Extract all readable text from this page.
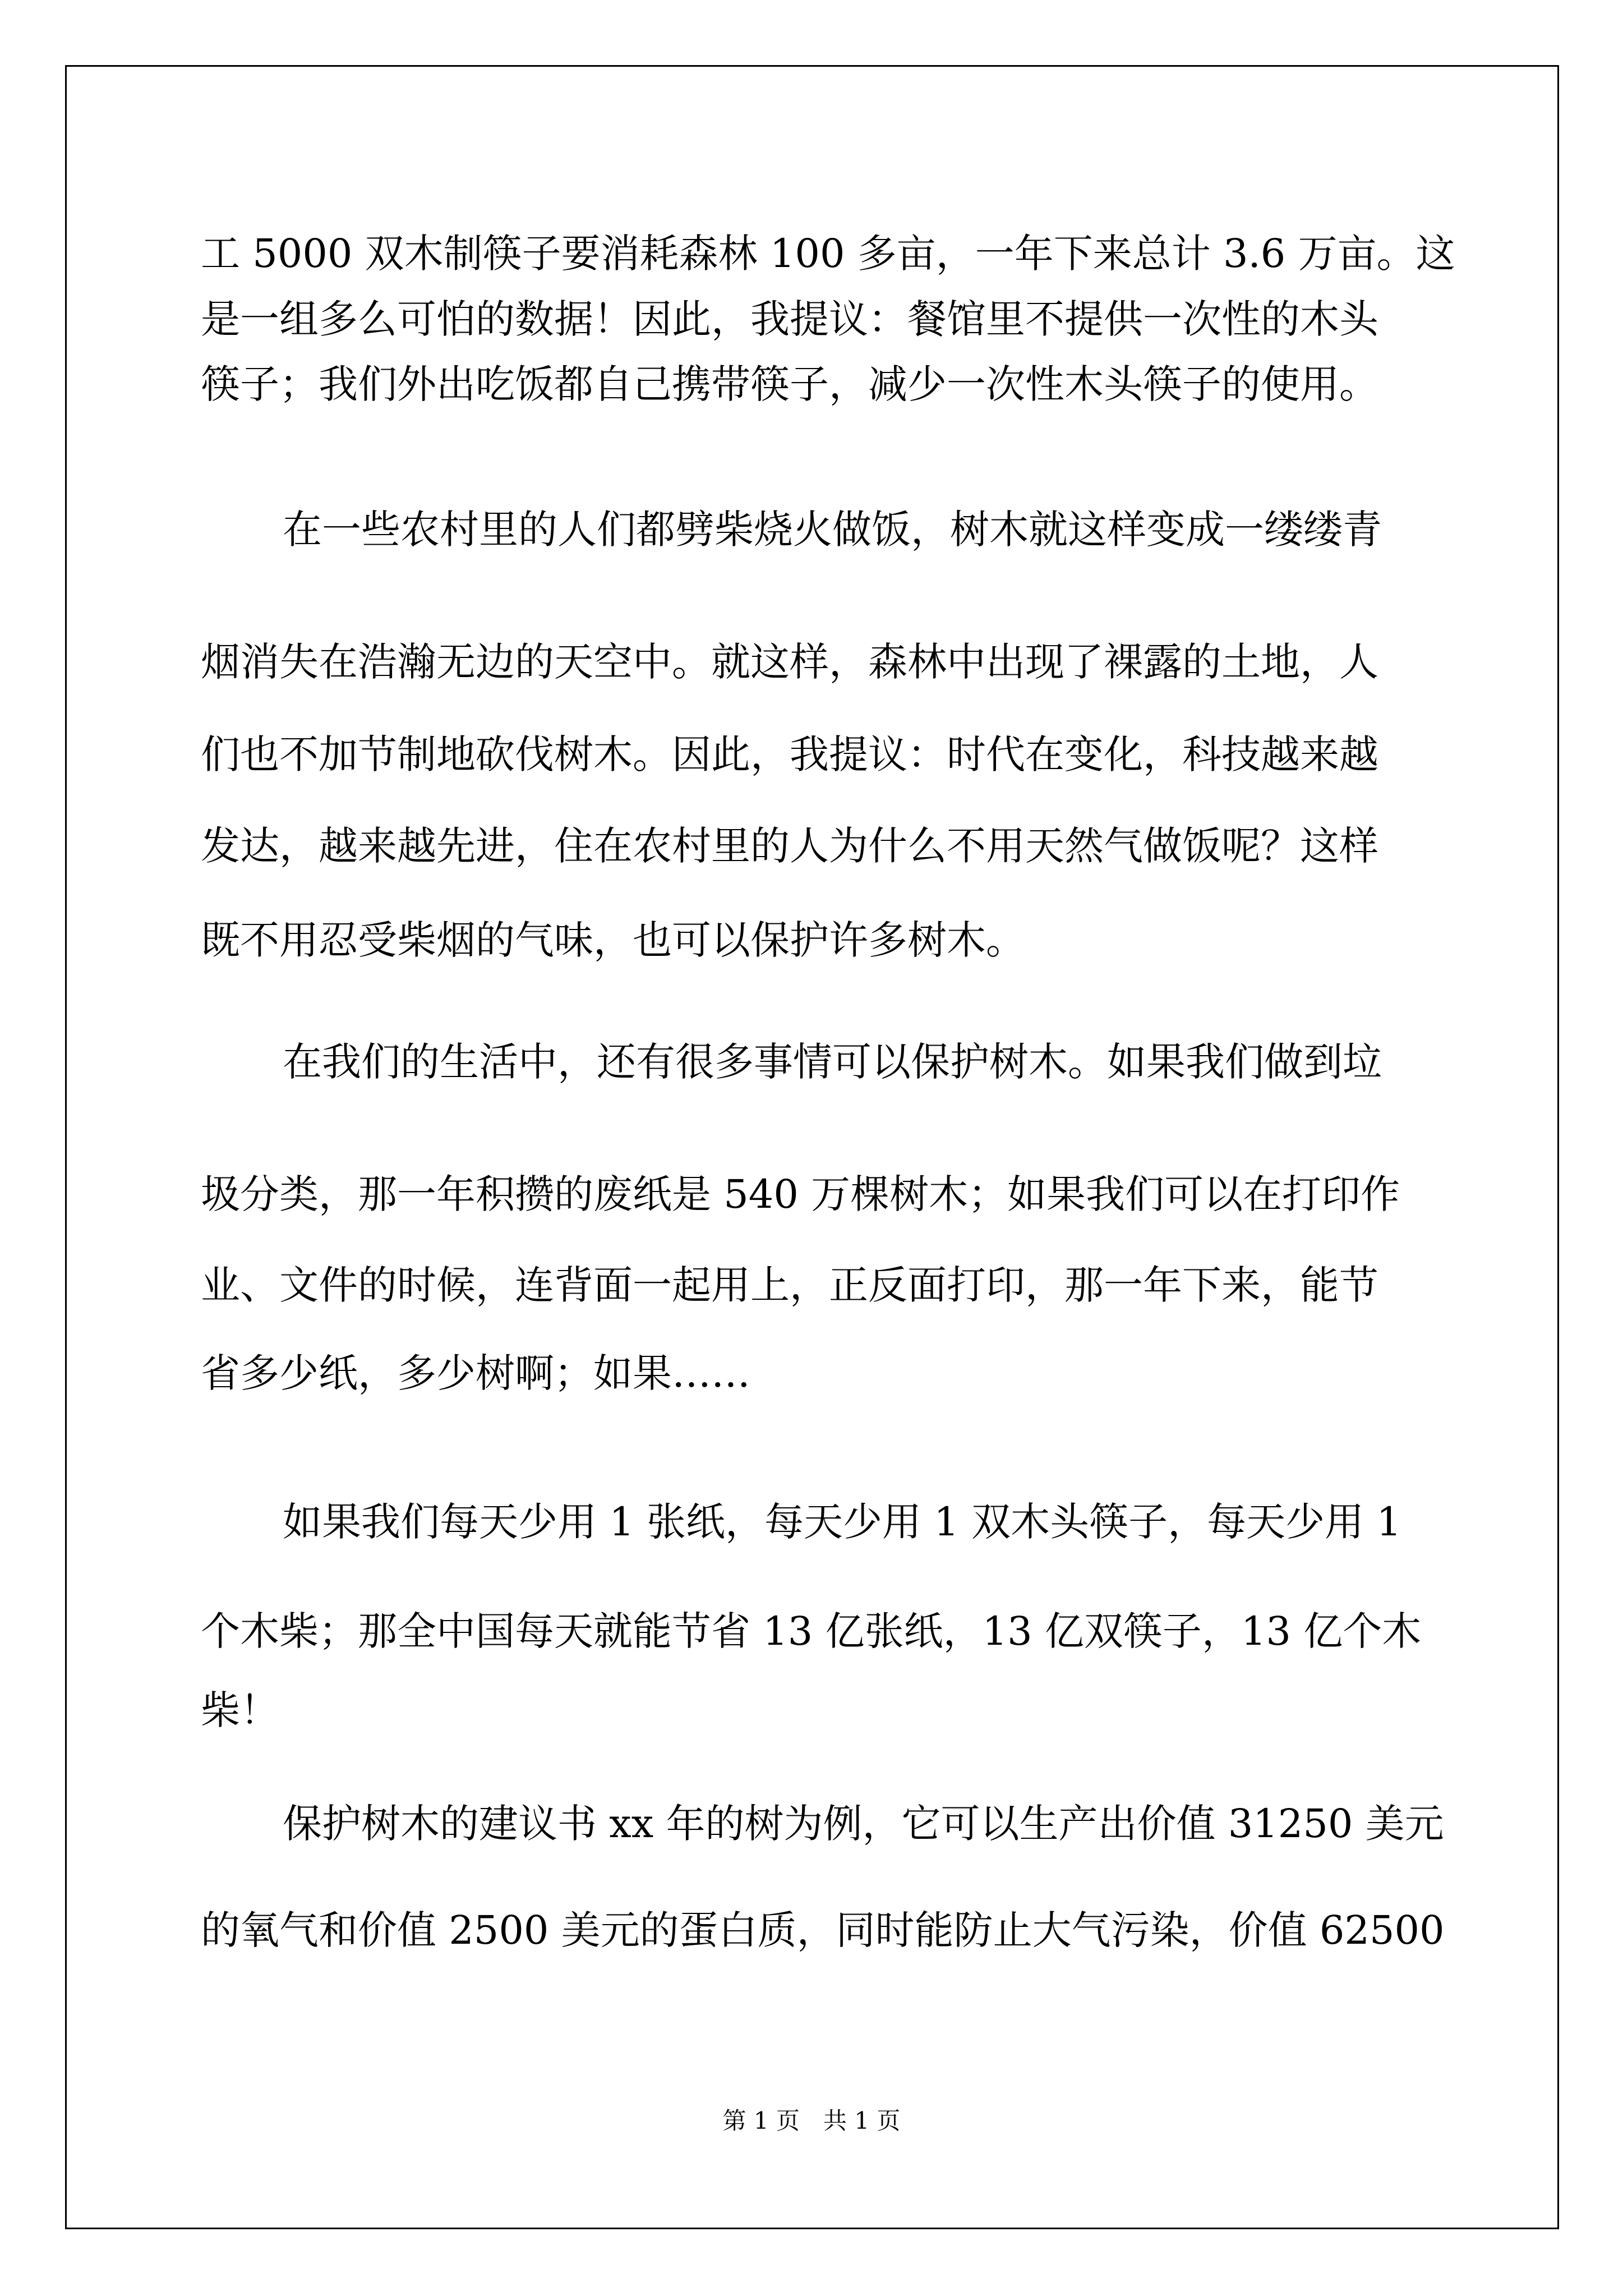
工 5000 双木制筷子要消耗森林 100 多亩，一年下来总计 3.6 万亩。这

是一组多么可怕的数据！因此，我提议：餐馆里不提供一次性的木头

筷子；我们外出吃饭都自己携带筷子，减少一次性木头筷子的使用。

在一些农村里的人们都劈柴烧火做饭，树木就这样变成一缕缕青

烟消失在浩瀚无边的天空中。就这样，森林中出现了裸露的土地，人

们也不加节制地砍伐树木。因此，我提议：时代在变化，科技越来越

发达，越来越先进，住在农村里的人为什么不用天然气做饭呢？这样

既不用忍受柴烟的气味，也可以保护许多树木。

在我们的生活中，还有很多事情可以保护树木。如果我们做到垃

圾分类，那一年积攒的废纸是 540 万棵树木；如果我们可以在打印作

业、文件的时候，连背面一起用上，正反面打印，那一年下来，能节

省多少纸，多少树啊；如果……

如果我们每天少用 1 张纸，每天少用 1 双木头筷子，每天少用 1

个木柴；那全中国每天就能节省 13 亿张纸，13 亿双筷子，13 亿个木

柴！

保护树木的建议书 xx 年的树为例，它可以生产出价值 31250 美元

的氧气和价值 2500 美元的蛋白质，同时能防止大气污染，价值 62500

第 1 页　共 1 页
